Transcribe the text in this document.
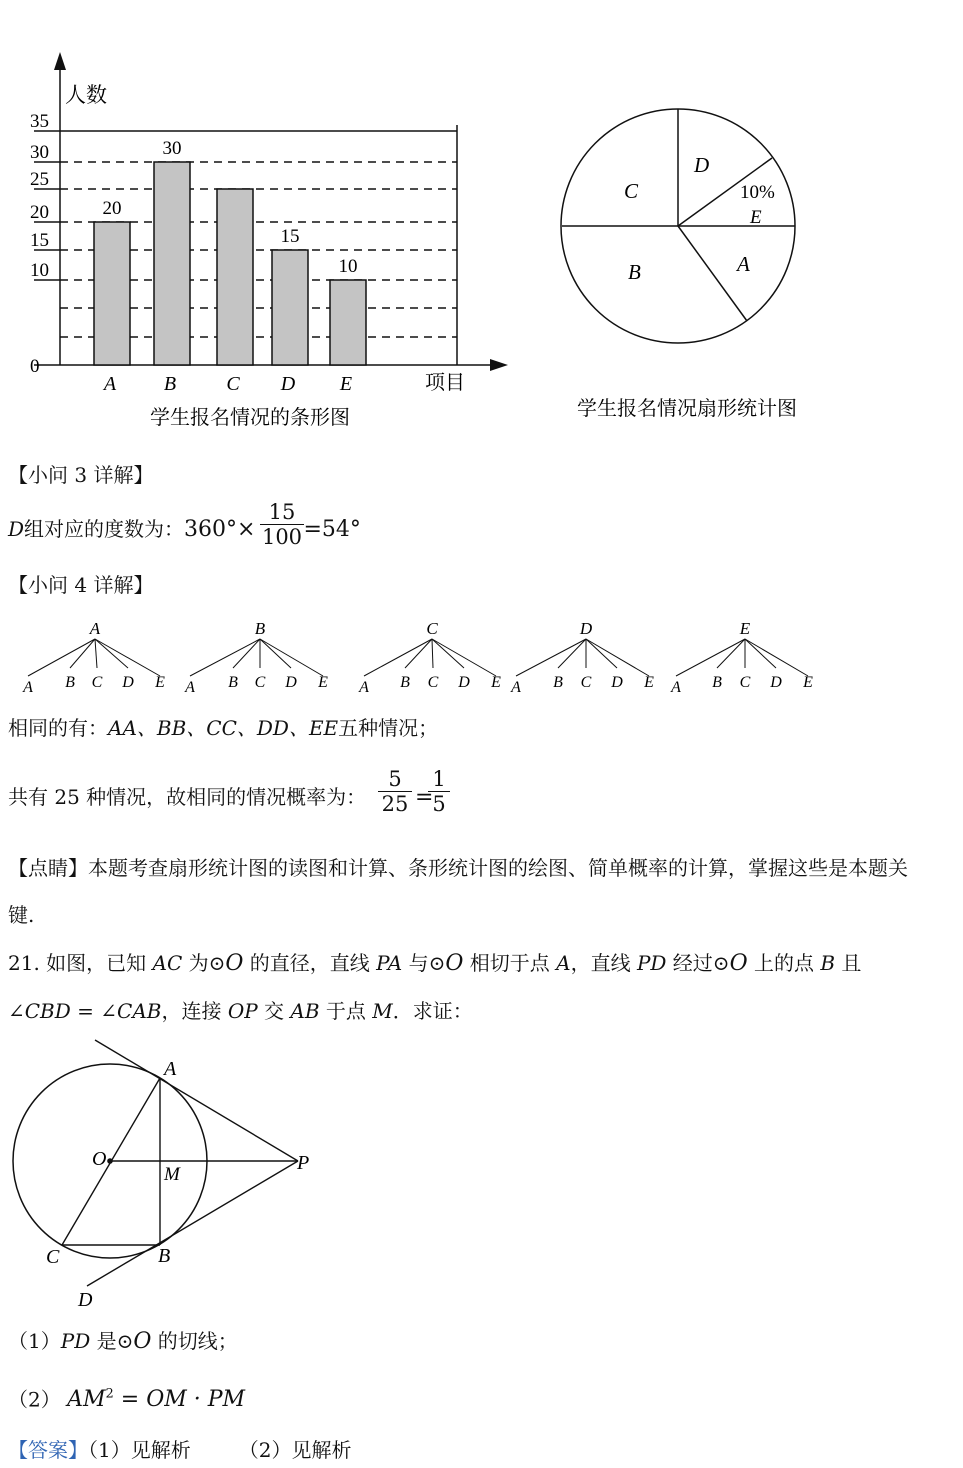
0
10
15
20
25
30
35
20
30
15
10
A B	C D E
人数
项目
学生报名情况的条形图
C
D
10%
E
A
B
学生报名情况扇形统计图
【小问 3 详解】
D组对应的度数为：360°× =54°
$\frac{15}{100}$
【小问 4 详解】
A
A B C D E
B
A B C D E
C
A B C D E
D
A B C D E
E
A B C D E
相同的有：AA、BB、CC、DD、EE五种情况；
共有 25 种情况，故相同的情况概率为： $\frac{5}{25}$ =
$\frac{1}{5}$
【点睛】本题考查扇形统计图的读图和计算、条形统计图的绘图、简单概率的计算，掌握这些是本题关
键.
21. 如图，已知 AC 为⊙O 的直径，直线 PA 与⊙O 相切于点 A，直线 PD 经过⊙O 上的点 B 且
∠CBD = ∠CAB，连接 OP 交 AB 于点 M．求证：
A
O
M
P
C	B
D
（1）PD 是⊙O 的切线；
（2） $AM^2$ = OM · PM
【答案】（1）见解析 （2）见解析
